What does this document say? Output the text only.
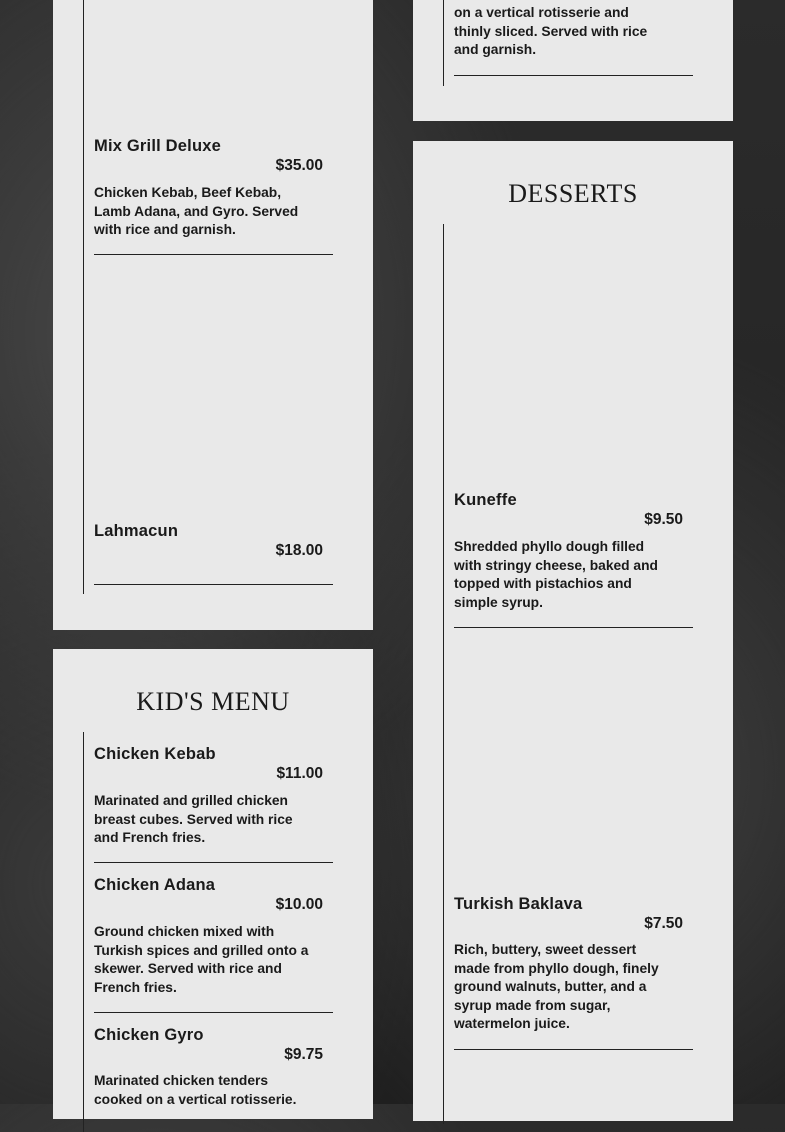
Mix Grill Deluxe
$35.00
Chicken Kebab, Beef Kebab, Lamb Adana, and Gyro. Served with rice and garnish.
Lahmacun
$18.00
KID'S MENU
Chicken Kebab
$11.00
Marinated and grilled chicken breast cubes. Served with rice and French fries.
Chicken Adana
$10.00
Ground chicken mixed with Turkish spices and grilled onto a skewer. Served with rice and French fries.
Chicken Gyro
$9.75
Marinated chicken tenders cooked on a vertical rotisserie.
on a vertical rotisserie and thinly sliced. Served with rice and garnish.
DESSERTS
Kuneffe
$9.50
Shredded phyllo dough filled with stringy cheese, baked and topped with pistachios and simple syrup.
Turkish Baklava
$7.50
Rich, buttery, sweet dessert made from phyllo dough, finely ground walnuts, butter, and a syrup made from sugar, watermelon juice.
